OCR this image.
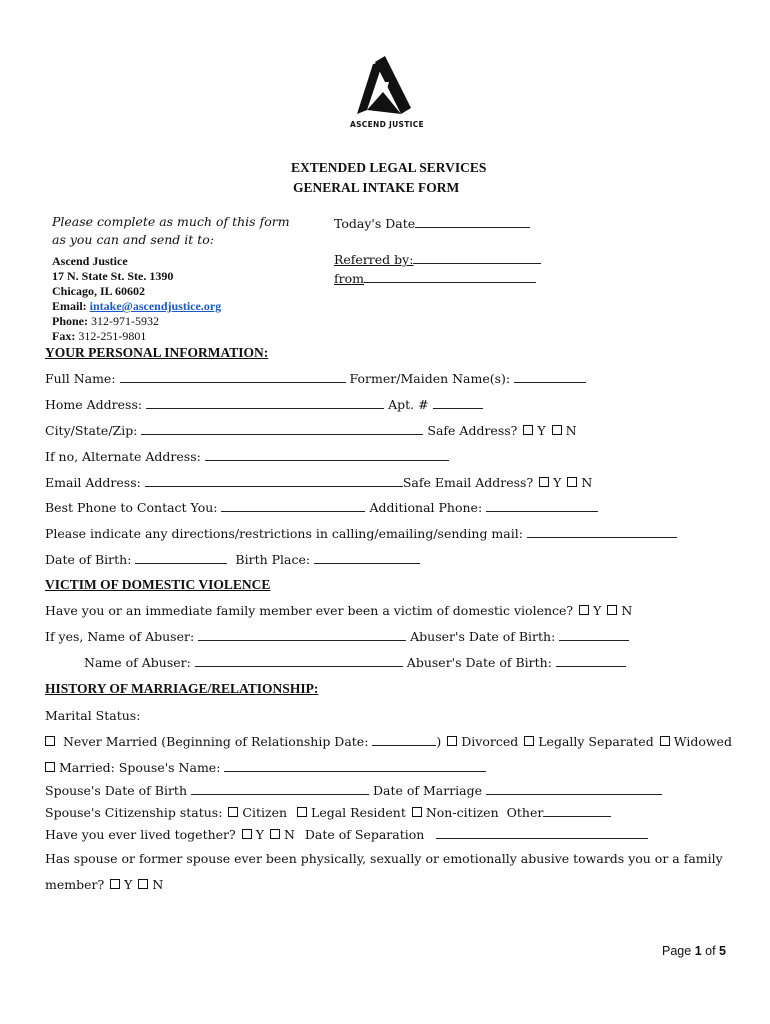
ASCEND JUSTICE
EXTENDED LEGAL SERVICES
GENERAL INTAKE FORM
Please complete as much of this form
as you can and send it to:
Ascend Justice
17 N. State St. Ste. 1390
Chicago, IL 60602
Email: intake@ascendjustice.org
Phone: 312-971-5932
Fax: 312-251-9801
Today's Date
Referred by:
from
YOUR PERSONAL INFORMATION:
Full Name:	Former/Maiden Name(s):
Home Address:	Apt. #
City/State/Zip:	Safe Address? Y N
If no, Alternate Address:
Email Address:	Safe Email Address? Y N
Best Phone to Contact You:	Additional Phone:
Please indicate any directions/restrictions in calling/emailing/sending mail:
Date of Birth:	Birth Place:
VICTIM OF DOMESTIC VIOLENCE
Have you or an immediate family member ever been a victim of domestic violence? Y N
If yes, Name of Abuser:	Abuser's Date of Birth:
Name of Abuser:	Abuser's Date of Birth:
HISTORY OF MARRIAGE/RELATIONSHIP:
Marital Status:
Never Married (Beginning of Relationship Date:	) Divorced Legally Separated Widowed
Married: Spouse's Name:
Spouse's Date of Birth	Date of Marriage
Spouse's Citizenship status: Citizen Legal Resident Non-citizen Other
Have you ever lived together? Y N Date of Separation
Has spouse or former spouse ever been physically, sexually or emotionally abusive towards you or a family
member? Y N
Page 1 of 5
